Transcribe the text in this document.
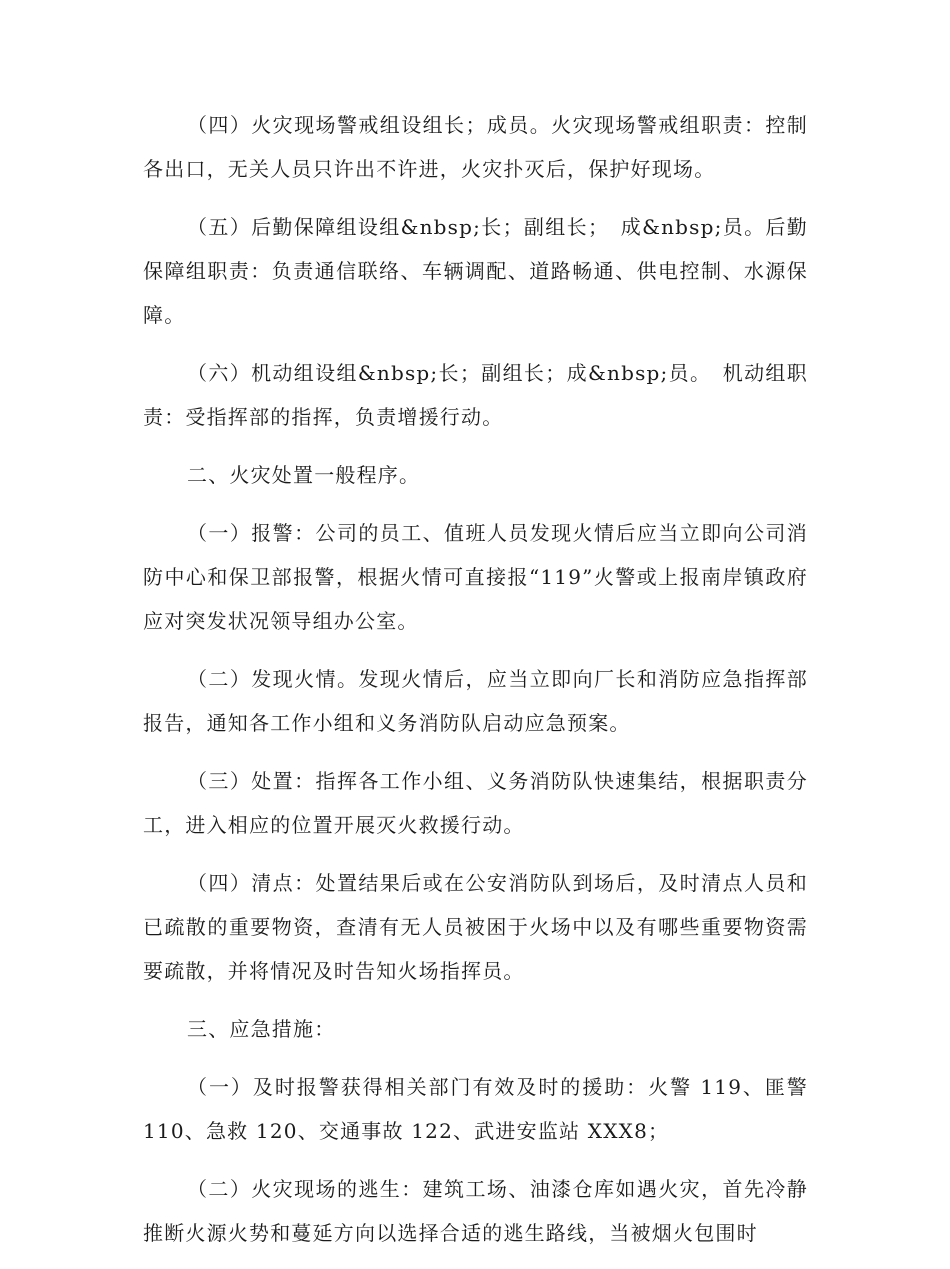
（四）火灾现场警戒组设组长；成员。火灾现场警戒组职责：控制各出口，无关人员只许出不许进，火灾扑灭后，保护好现场。

（五）后勤保障组设组&nbsp;长；副组长；　成&nbsp;员。后勤保障组职责：负责通信联络、车辆调配、道路畅通、供电控制、水源保障。

（六）机动组设组&nbsp;长；副组长；成&nbsp;员。　机动组职责：受指挥部的指挥，负责增援行动。

二、火灾处置一般程序。

（一）报警：公司的员工、值班人员发现火情后应当立即向公司消防中心和保卫部报警，根据火情可直接报“119”火警或上报南岸镇政府应对突发状况领导组办公室。

（二）发现火情。发现火情后，应当立即向厂长和消防应急指挥部报告，通知各工作小组和义务消防队启动应急预案。

（三）处置：指挥各工作小组、义务消防队快速集结，根据职责分工，进入相应的位置开展灭火救援行动。

（四）清点：处置结果后或在公安消防队到场后，及时清点人员和已疏散的重要物资，查清有无人员被困于火场中以及有哪些重要物资需要疏散，并将情况及时告知火场指挥员。

三、应急措施：

（一）及时报警获得相关部门有效及时的援助：火警 119、匪警 110、急救 120、交通事故 122、武进安监站 XXX8；

（二）火灾现场的逃生：建筑工场、油漆仓库如遇火灾，首先冷静推断火源火势和蔓延方向以选择合适的逃生路线，当被烟火包围时
